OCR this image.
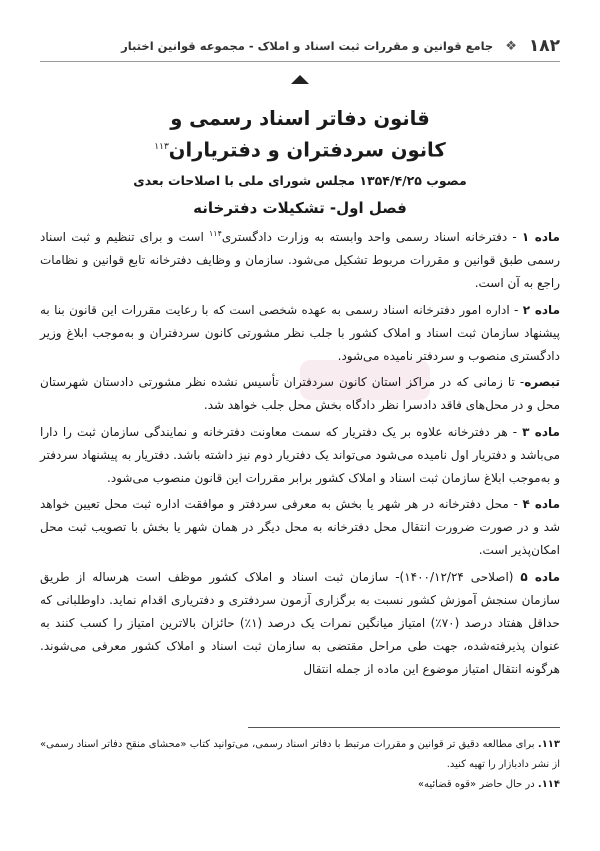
۱۸۲
❖
جامع قوانین و مقررات ثبت اسناد و املاک - مجموعه قوانین اختبار
قانون دفاتر اسناد رسمی و
کانون سردفتران و دفتریاران$^{۱۱۳}$
مصوب ۱۳۵۴/۴/۲۵ مجلس شورای ملی با اصلاحات بعدی
فصل اول- تشکیلات دفترخانه

ماده ۱ - دفترخانه اسناد رسمی واحد وابسته به وزارت دادگستری$^{۱۱۴}$ است و برای تنظیم و ثبت اسناد رسمی طبق قوانین و مقررات مربوط تشکیل می‌شود. سازمان و وظایف دفترخانه تابع قوانین و نظامات راجع به آن است.

ماده ۲ - اداره امور دفترخانه اسناد رسمی به عهده شخصی است که با رعایت مقررات این قانون بنا به پیشنهاد سازمان ثبت اسناد و املاک کشور با جلب نظر مشورتی کانون سردفتران و به‌موجب ابلاغ وزیر دادگستری منصوب و سردفتر نامیده می‌شود.

تبصره- تا زمانی که در مراکز استان کانون سردفتران تأسیس نشده نظر مشورتی دادستان شهرستان محل و در محل‌های فاقد دادسرا نظر دادگاه بخش محل جلب خواهد شد.

ماده ۳ - هر دفترخانه علاوه بر یک دفتریار که سمت معاونت دفترخانه و نمایندگی سازمان ثبت را دارا می‌باشد و دفتریار اول نامیده می‌شود می‌تواند یک دفتریار دوم نیز داشته باشد. دفتریار به پیشنهاد سردفتر و به‌موجب ابلاغ سازمان ثبت اسناد و املاک کشور برابر مقررات این قانون منصوب می‌شود.

ماده ۴ - محل دفترخانه در هر شهر یا بخش به معرفی سردفتر و موافقت اداره ثبت محل تعیین خواهد شد و در صورت ضرورت انتقال محل دفترخانه به محل دیگر در همان شهر یا بخش با تصویب ثبت محل امکان‌پذیر است.

ماده ۵ (اصلاحی ۱۴۰۰/۱۲/۲۴)- سازمان ثبت اسناد و املاک کشور موظف است هرساله از طریق سازمان سنجش آموزش کشور نسبت به برگزاری آزمون سردفتری و دفتریاری اقدام نماید. داوطلبانی که حداقل هفتاد درصد (۷۰٪) امتیاز میانگین نمرات یک درصد (۱٪) حائزان بالاترین امتیاز را کسب کنند به عنوان پذیرفته‌شده، جهت طی مراحل مقتضی به سازمان ثبت اسناد و املاک کشور معرفی می‌شوند. هرگونه انتقال امتیاز موضوع این ماده از جمله انتقال

۱۱۳. برای مطالعه دقیق تر قوانین و مقررات مرتبط با دفاتر اسناد رسمی، می‌توانید کتاب «محشای منقح دفاتر اسناد رسمی» از نشر دادبازار را تهیه کنید.
۱۱۴. در حال حاضر «قوه قضائیه»
